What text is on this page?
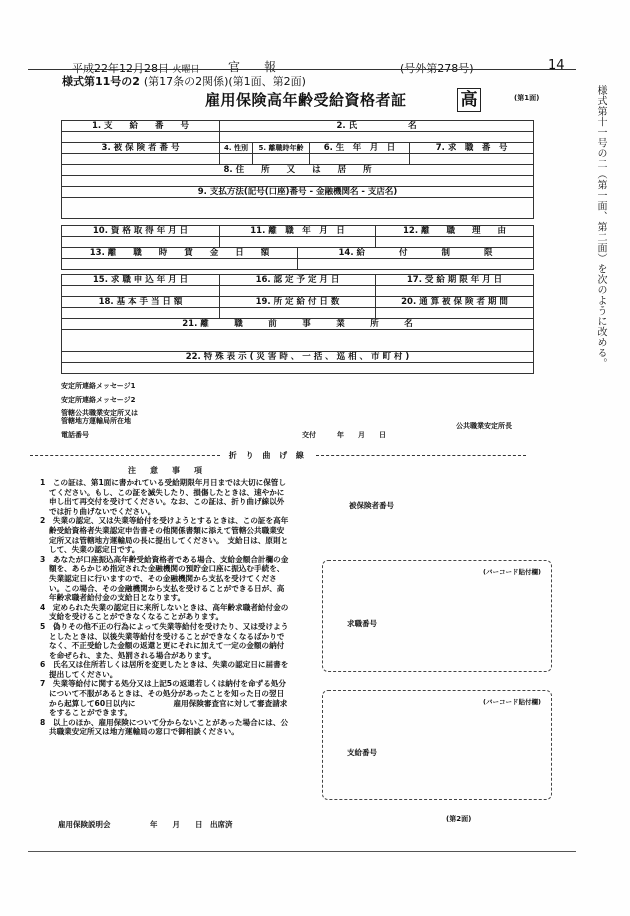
平成22年12月28日 火曜日 官　　報	(号外第278号)	14
様式第11号の2 (第17条の2関係)(第1面、第2面)
雇用保険高年齢受給資格者証	高	(第1面)	様式第十一号の二（第一面、第二面）を次のように改める。
1. 支　　給　　番　　号	2. 氏　　　　　　名			

3. 被 保 険 者 番 号	4. 性別	5. 離職時年齢	6. 生　年　月　日	7. 求　職　番　号

8. 住　　所　　又　　は　　居　　所				

9. 支払方法(記号(口座)番号 - 金融機関名 - 支店名)				

10. 資 格 取 得 年 月 日	11. 離　職　年　月　日		12. 離　　職　　理　　由

13. 離　　職　　時　　賃　　金　　日　　額		14. 給　　　　付　　　　制　　　　限	

15. 求 職 申 込 年 月 日	16. 認 定 予 定 月 日	17. 受 給 期 限 年 月 日

18. 基 本 手 当 日 額	19. 所 定 給 付 日 数	20. 通 算 被 保 険 者 期 間

21. 離　　　職　　　前　　　事　　　業　　　所　　　名		

22. 特 殊 表 示 ( 災 害 時 、 一 括 、 巡 相 、 市 町 村 )		

安定所連絡メッセージ1
安定所連絡メッセージ2
管轄公共職業安定所又は
管轄地方運輸局所在地
電話番号	交付　　　年　　月　　日
公共職業安定所長
折 り 曲 げ 線
注意事項
1　 この証は、第1面に書かれている受給期限年月日までは大切に保管してください。もし、この証を滅失したり、損傷したときは、速やかに申し出て再交付を受けてください。なお、この証は、折り曲げ線以外では折り曲げないでください。
2　 失業の認定、又は失業等給付を受けようとするときは、この証を高年齢受給資格者失業認定申告書その他関係書類に添えて管轄公共職業安定所又は管轄地方運輸局の長に提出してください。　支給日は、原則として、失業の認定日です。
3　 あなたが口座振込高年齢受給資格者である場合、支給金額合計欄の金額を、あらかじめ指定された金融機関の預貯金口座に振込む手続を、失業認定日に行いますので、その金融機関から支払を受けてください。この場合、その金融機関から支払を受けることができる日が、高年齢求職者給付金の支給日となります。
4　 定められた失業の認定日に来所しないときは、高年齢求職者給付金の支給を受けることができなくなることがあります。
5　 偽りその他不正の行為によって失業等給付を受けたり、又は受けようとしたときは、以後失業等給付を受けることができなくなるばかりでなく、不正受給した金額の返還と更にそれに加えて一定の金額の納付を命ぜられ、また、処罰される場合があります。
6　 氏名又は住所若しくは居所を変更したときは、失業の認定日に届書を提出してください。
7　 失業等給付に関する処分又は上記5の返還若しくは納付を命ずる処分について不服があるときは、その処分があったことを知った日の翌日から起算して60日以内に　　　　　雇用保険審査官に対して審査請求をすることができます。
8　 以上のほか、雇用保険について分からないことがあった場合には、公共職業安定所又は地方運輸局の窓口で御相談ください。
被保険者番号
(バーコード貼付欄)
求職番号
(バーコード貼付欄)
支給番号
雇用保険説明会	年　　月　　日　出席済
(第2面)
